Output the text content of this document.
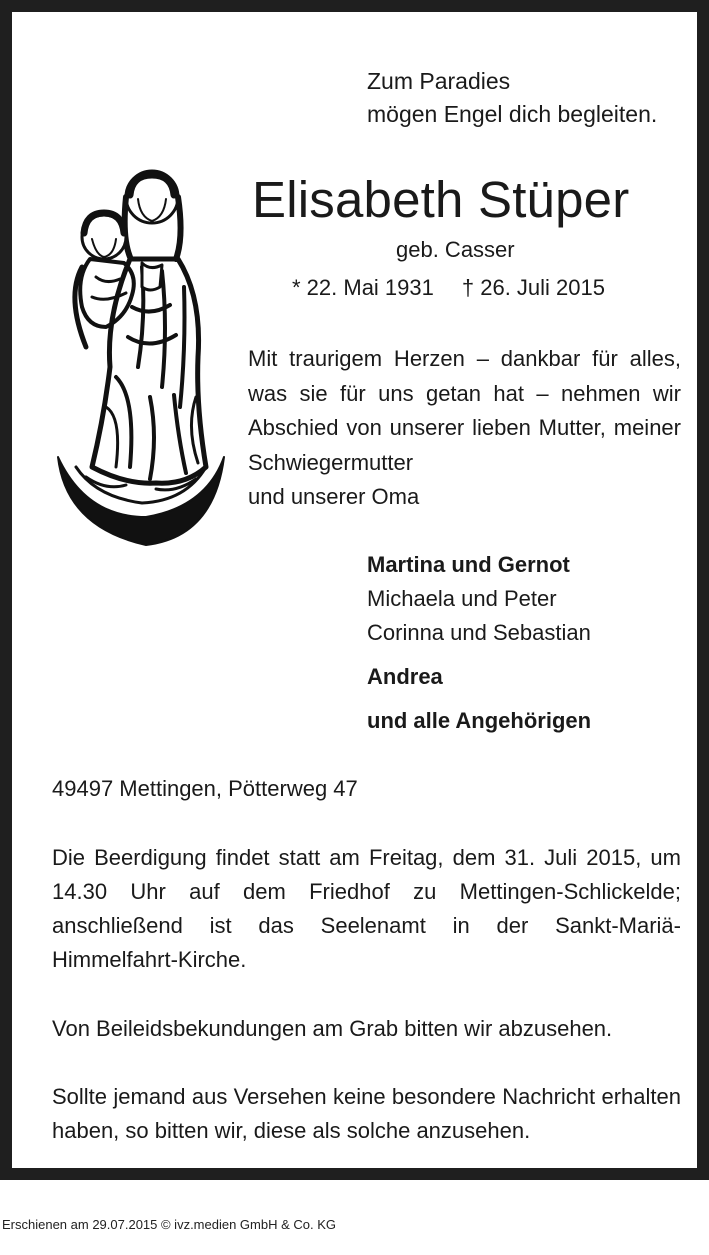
Zum Paradies
mögen Engel dich begleiten.
Elisabeth Stüper
geb. Casser
* 22. Mai 1931 † 26. Juli 2015
Mit traurigem Herzen – dankbar für alles, was sie für uns getan hat – nehmen wir Abschied von unserer lieben Mutter, meiner Schwiegermutter
und unserer Oma
Martina und Gernot
Michaela und Peter
Corinna und Sebastian
Andrea
und alle Angehörigen
49497 Mettingen, Pötterweg 47
Die Beerdigung findet statt am Freitag, dem 31. Juli 2015, um 14.30 Uhr auf dem Friedhof zu Mettingen-Schlickelde; anschließend ist das Seelenamt in der Sankt-Mariä-Himmelfahrt-Kirche.
Von Beileidsbekundungen am Grab bitten wir abzusehen.
Sollte jemand aus Versehen keine besondere Nachricht erhalten haben, so bitten wir, diese als solche anzusehen.
Erschienen am 29.07.2015 © ivz.medien GmbH & Co. KG
